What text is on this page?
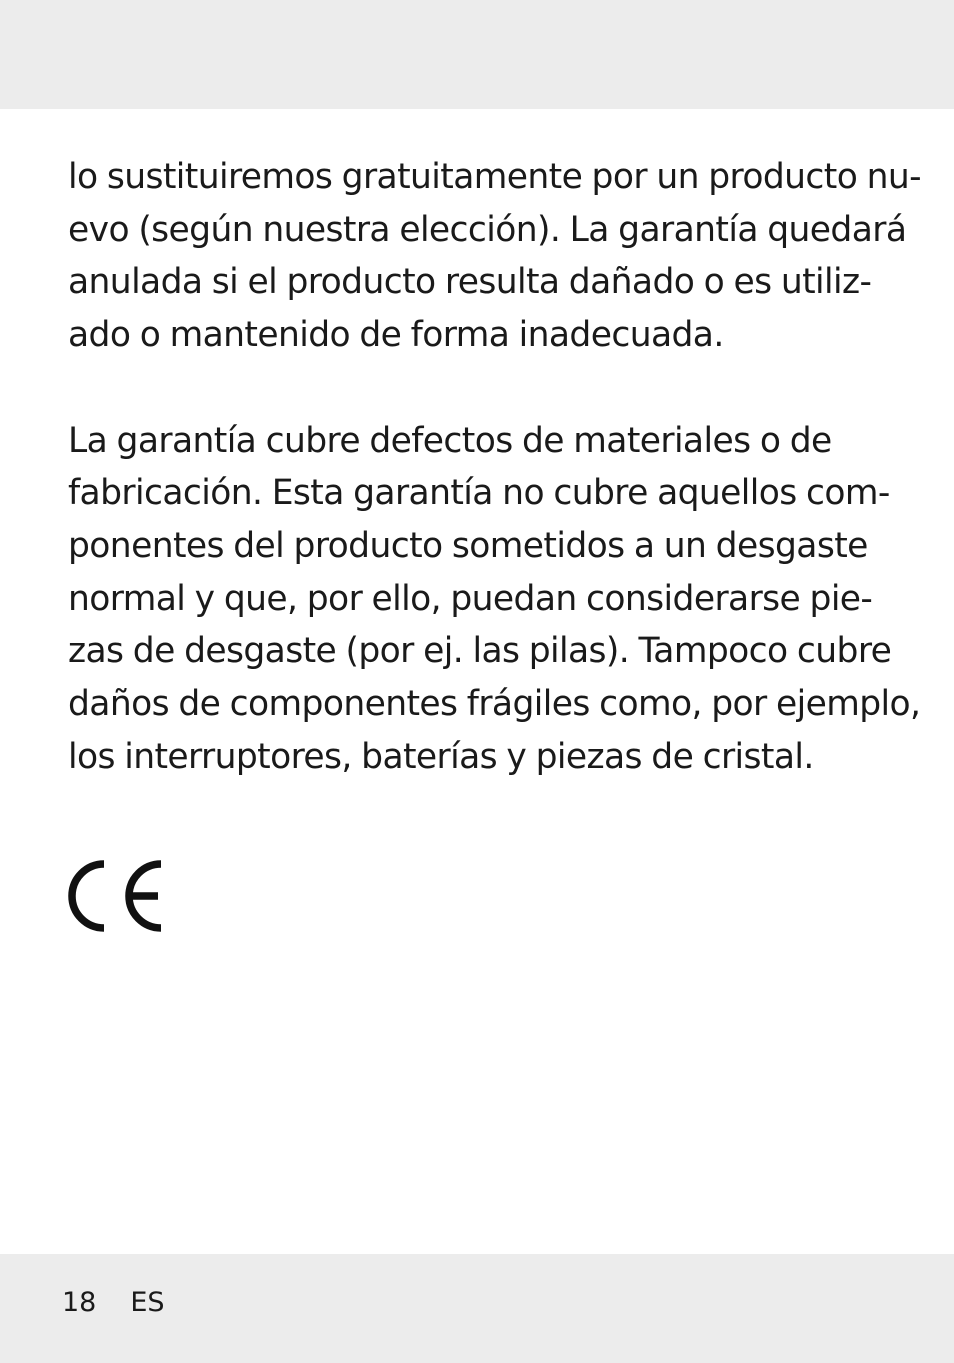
lo sustituiremos gratuitamente por un producto nu-
evo (según nuestra elección). La garantía quedará
anulada si el producto resulta dañado o es utiliz-
ado o mantenido de forma inadecuada.
La garantía cubre defectos de materiales o de
fabricación. Esta garantía no cubre aquellos com-
ponentes del producto sometidos a un desgaste
normal y que, por ello, puedan considerarse pie-
zas de desgaste (por ej. las pilas). Tampoco cubre
daños de componentes frágiles como, por ejemplo,
los interruptores, baterías y piezas de cristal.
18 ES
